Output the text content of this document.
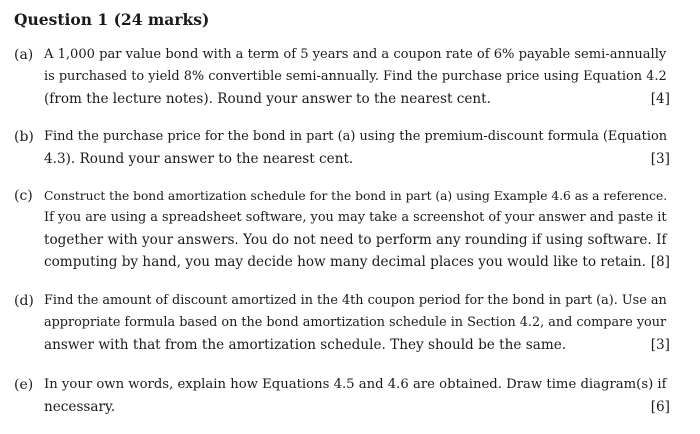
Question 1 (24 marks)
(a) A 1,000 par value bond with a term of 5 years and a coupon rate of 6% payable semi-annually
is purchased to yield 8% convertible semi-annually. Find the purchase price using Equation 4.2
(from the lecture notes). Round your answer to the nearest cent.	[4]
(b) Find the purchase price for the bond in part (a) using the premium-discount formula (Equation
4.3). Round your answer to the nearest cent.	[3]
(c) Construct the bond amortization schedule for the bond in part (a) using Example 4.6 as a reference.
If you are using a spreadsheet software, you may take a screenshot of your answer and paste it
together with your answers. You do not need to perform any rounding if using software. If
computing by hand, you may decide how many decimal places you would like to retain. [8]
(d) Find the amount of discount amortized in the 4th coupon period for the bond in part (a). Use an
appropriate formula based on the bond amortization schedule in Section 4.2, and compare your
answer with that from the amortization schedule. They should be the same.	[3]
(e) In your own words, explain how Equations 4.5 and 4.6 are obtained. Draw time diagram(s) if
necessary.	[6]
